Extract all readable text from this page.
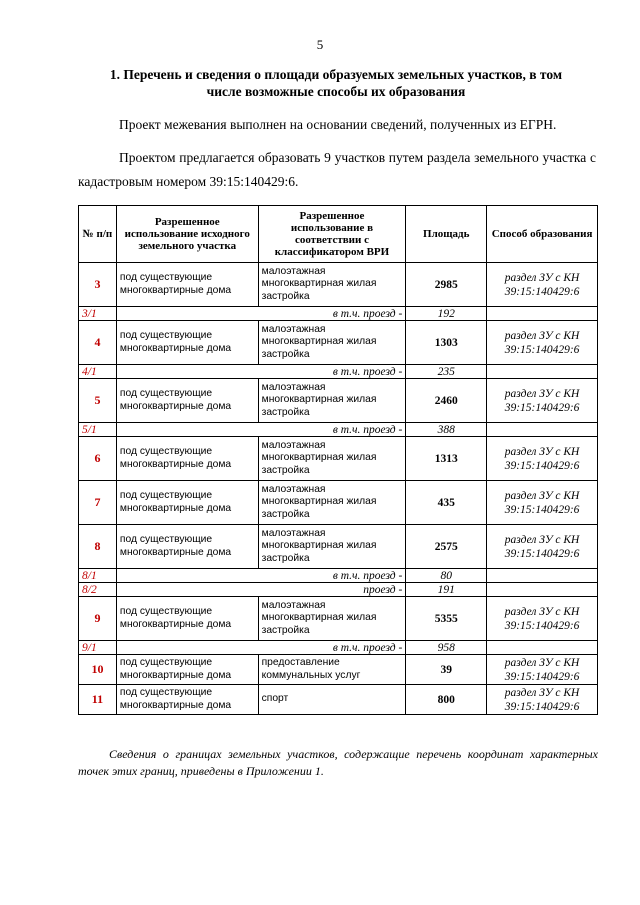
5
1. Перечень и сведения о площади образуемых земельных участков, в том числе возможные способы их образования
Проект межевания выполнен на основании сведений, полученных из ЕГРН.
Проектом предлагается образовать 9 участков путем раздела земельного участка с кадастровым номером 39:15:140429:6.
№ п/п	Разрешенное использование исходного земельного участка	Разрешенное использование в соответствии с классификатором ВРИ	Площадь	Способ образования
3	под существующие многоквартирные дома	малоэтажная многоквартирная жилая застройка	2985	раздел ЗУ с КН 39:15:140429:6
3/1	в т.ч. проезд -		192	
4	под существующие многоквартирные дома	малоэтажная многоквартирная жилая застройка	1303	раздел ЗУ с КН 39:15:140429:6
4/1	в т.ч. проезд -		235	
5	под существующие многоквартирные дома	малоэтажная многоквартирная жилая застройка	2460	раздел ЗУ с КН 39:15:140429:6
5/1	в т.ч. проезд -		388	
6	под существующие многоквартирные дома	малоэтажная многоквартирная жилая застройка	1313	раздел ЗУ с КН 39:15:140429:6
7	под существующие многоквартирные дома	малоэтажная многоквартирная жилая застройка	435	раздел ЗУ с КН 39:15:140429:6
8	под существующие многоквартирные дома	малоэтажная многоквартирная жилая застройка	2575	раздел ЗУ с КН 39:15:140429:6
8/1	в т.ч. проезд -		80	
8/2	проезд -		191	
9	под существующие многоквартирные дома	малоэтажная многоквартирная жилая застройка	5355	раздел ЗУ с КН 39:15:140429:6
9/1	в т.ч. проезд -		958	
10	под существующие многоквартирные дома	предоставление коммунальных услуг	39	раздел ЗУ с КН 39:15:140429:6
11	под существующие многоквартирные дома	спорт	800	раздел ЗУ с КН 39:15:140429:6
Сведения о границах земельных участков, содержащие перечень координат характерных точек этих границ, приведены в Приложении 1.
